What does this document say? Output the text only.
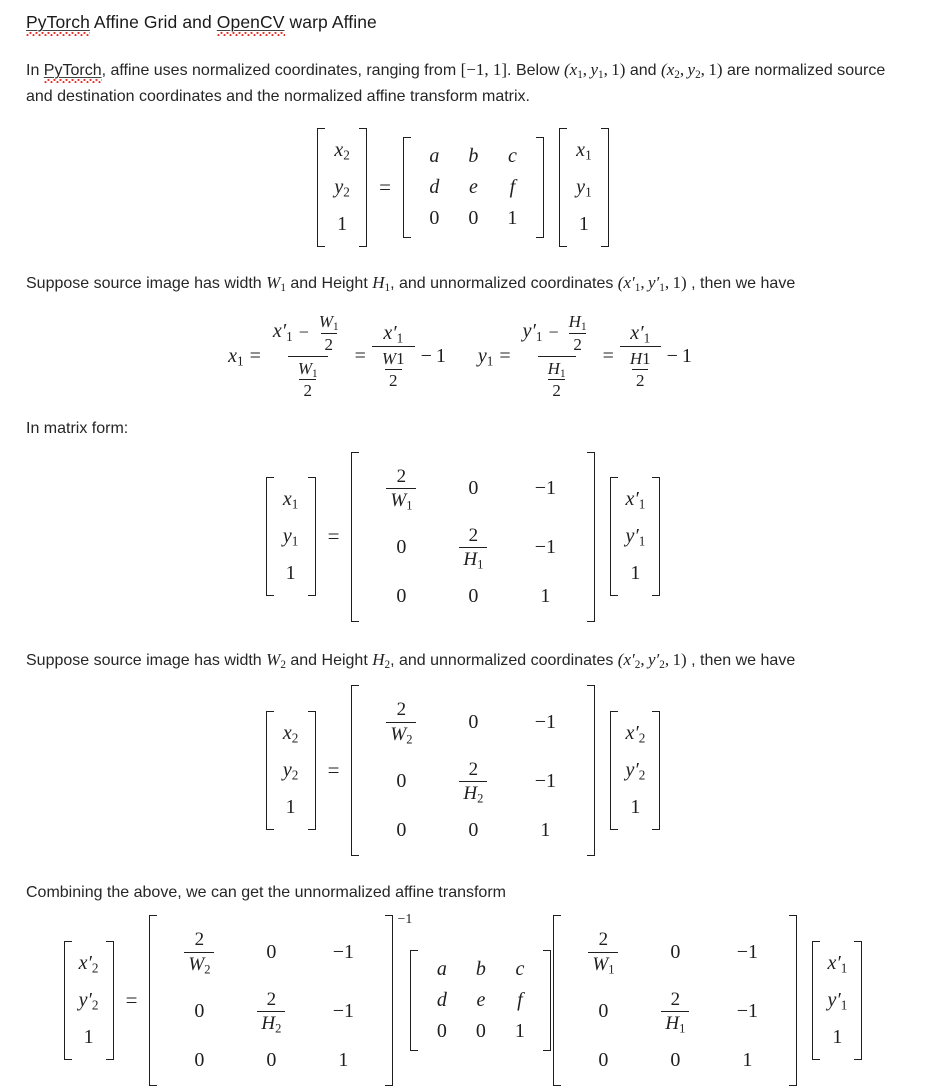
PyTorch Affine Grid and OpenCV warp Affine

In PyTorch, affine uses normalized coordinates, ranging from [−1, 1]. Below ($x_1$, $y_1$, 1) and ($x_2$, $y_2$, 1) are normalized source and destination coordinates and the normalized affine transform matrix.

$x_2$
$y_2$
1
=
a	b	c
d	e	f
0	0	1
$x_1$
$y_1$
1

Suppose source image has width $W_1$ and Height $H_1$, and unnormalized coordinates ($x'_1$, $y'_1$, 1) , then we have

$x_1 = \frac{x'_1 - \frac{W_1}{2}}{\frac{W_1}{2}} = \frac{x'_1}{\frac{W1}{2}} - 1$	$y_1 = \frac{y'_1 - \frac{H_1}{2}}{\frac{H_1}{2}} = \frac{x'_1}{\frac{H1}{2}} - 1$

In matrix form:

$x_1$
$y_1$
1
=
$\frac{2}{W_1}$	0	−1
0	$\frac{2}{H_1}$	−1
0	0	1
$x'_1$
$y'_1$
1

Suppose source image has width $W_2$ and Height $H_2$, and unnormalized coordinates ($x'_2$, $y'_2$, 1) , then we have

$x_2$
$y_2$
1
=
$\frac{2}{W_2}$	0	−1
0	$\frac{2}{H_2}$	−1
0	0	1
$x'_2$
$y'_2$
1

Combining the above, we can get the unnormalized affine transform

$x'_2$
$y'_2$
1
=
$\frac{2}{W_2}$	0	−1
0	$\frac{2}{H_2}$	−1
0	0	1
−1
a	b	c
d	e	f
0	0	1
$\frac{2}{W_1}$	0	−1
0	$\frac{2}{H_1}$	−1
0	0	1
$x'_1$
$y'_1$
1
